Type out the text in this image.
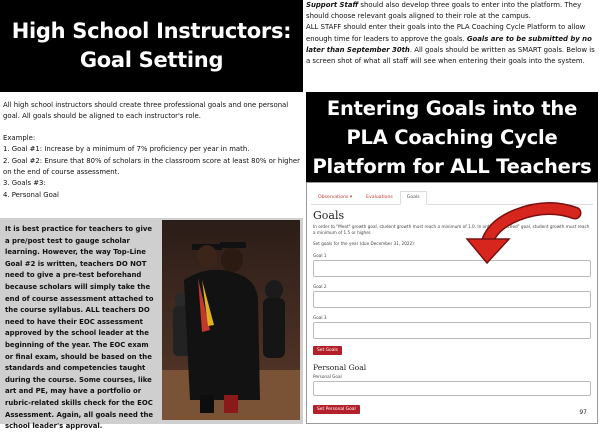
High School Instructors:
Goal Setting

Support Staff should also develop three goals to enter into the platform. They should choose relevant goals aligned to their role at the campus.

ALL STAFF should enter their goals into the PLA Coaching Cycle Platform to allow enough time for leaders to approve the goals. Goals are to be submitted by no later than September 30th. All goals should be written as SMART goals. Below is a screen shot of what all staff will see when entering their goals into the system.

All high school instructors should create three professional goals and one personal goal. All goals should be aligned to each instructor's role.

Example:

1. Goal #1: Increase by a minimum of 7% proficiency per year in math.

2. Goal #2: Ensure that 80% of scholars in the classroom score at least 80% or higher on the end of course assessment.

3. Goals #3:

4. Personal Goal

Entering Goals into the
PLA Coaching Cycle
Platform for ALL Teachers
It is best practice for teachers to give a pre/post test to gauge scholar learning. However, the way Top-Line Goal #2 is written, teachers DO NOT need to give a pre-test beforehand because scholars will simply take the end of course assessment attached to the course syllabus. ALL teachers DO need to have their EOC assessment approved by the school leader at the beginning of the year. The EOC exam or final exam, should be based on the standards and competencies taught during the course. Some courses, like art and PE, may have a portfolio or rubric-related skills check for the EOC Assessment. Again, all goals need the school leader's approval.
Observations ▾	Evaluations	Goals
Goals
In order to "Meet" growth goal, student growth must reach a minimum of 1.0. In order to "Exceed" goal, student growth must reach a minimum of 1.5 or higher.
Set goals for the year (due December 31, 2022):
Goal 1
Goal 2
Goal 3
Set Goals
Personal Goal
Personal Goal
Set Personal Goal	97
